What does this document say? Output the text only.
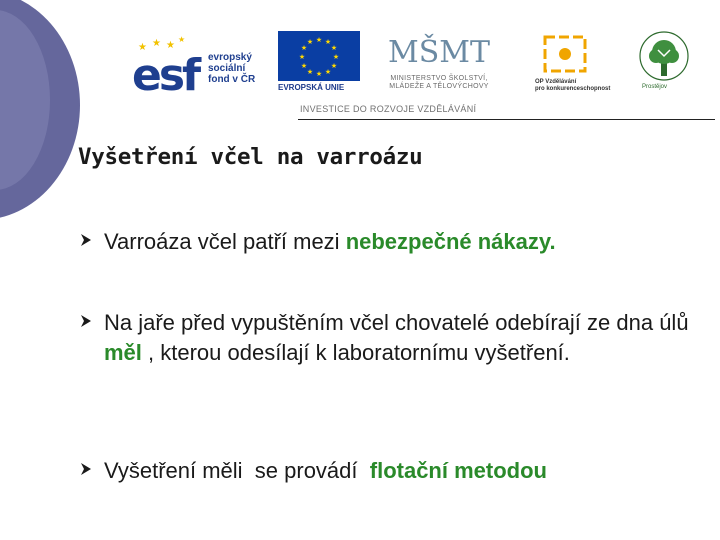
★ ★ ★
★
esf evropský
sociální
fond v ČR
★ ★
★
★
★
★
★
★
★
★
★
★
EVROPSKÁ UNIE
MŠMT
MINISTERSTVO ŠKOLSTVÍ,
MLÁDEŽE A TĚLOVÝCHOVY
OP Vzdělávání
pro konkurenceschopnost	Prostějov
INVESTICE DO ROZVOJE VZDĚLÁVÁNÍ
Vyšetření včel na varroázu
Varroáza včel patří mezi nebezpečné nákazy.
Na jaře před vypuštěním včel chovatelé odebírají ze dna úlů měl , kterou odesílají k laboratornímu vyšetření.
Vyšetření měli  se provádí  flotační metodou
